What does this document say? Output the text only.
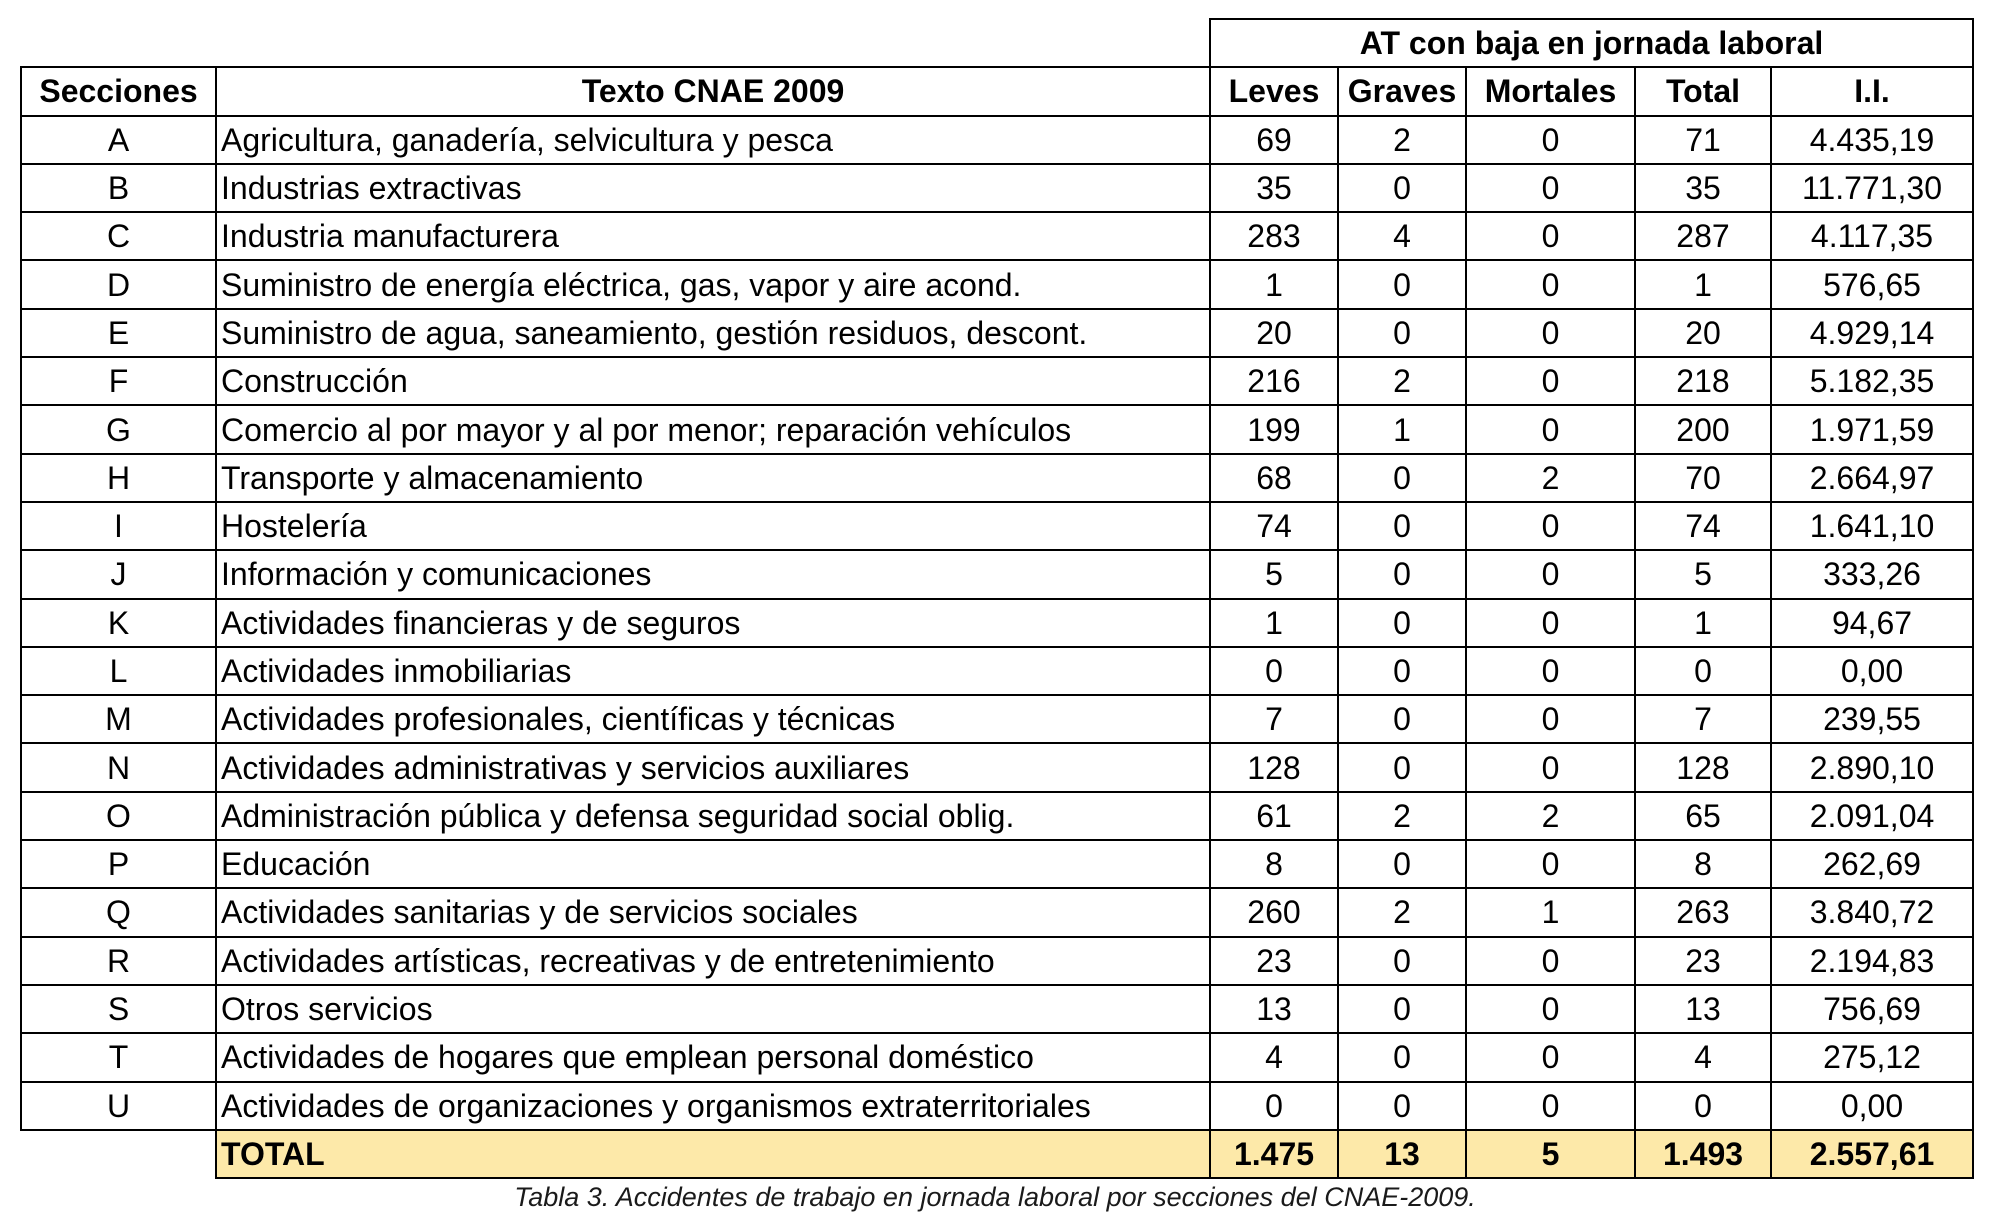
		AT con baja en jornada laboral				
Secciones	Texto CNAE 2009	Leves	Graves	Mortales	Total	I.I.
A	Agricultura, ganadería, selvicultura y pesca	69	2	0	71	4.435,19
B	Industrias extractivas	35	0	0	35	11.771,30
C	Industria manufacturera	283	4	0	287	4.117,35
D	Suministro de energía eléctrica, gas, vapor y aire acond.	1	0	0	1	576,65
E	Suministro de agua, saneamiento, gestión residuos, descont.	20	0	0	20	4.929,14
F	Construcción	216	2	0	218	5.182,35
G	Comercio al por mayor y al por menor; reparación vehículos	199	1	0	200	1.971,59
H	Transporte y almacenamiento	68	0	2	70	2.664,97
I	Hostelería	74	0	0	74	1.641,10
J	Información y comunicaciones	5	0	0	5	333,26
K	Actividades financieras y de seguros	1	0	0	1	94,67
L	Actividades inmobiliarias	0	0	0	0	0,00
M	Actividades profesionales, científicas y técnicas	7	0	0	7	239,55
N	Actividades administrativas y servicios auxiliares	128	0	0	128	2.890,10
O	Administración pública y defensa seguridad social oblig.	61	2	2	65	2.091,04
P	Educación	8	0	0	8	262,69
Q	Actividades sanitarias y de servicios sociales	260	2	1	263	3.840,72
R	Actividades artísticas, recreativas y de entretenimiento	23	0	0	23	2.194,83
S	Otros servicios	13	0	0	13	756,69
T	Actividades de hogares que emplean personal doméstico	4	0	0	4	275,12
U	Actividades de organizaciones y organismos extraterritoriales	0	0	0	0	0,00
	TOTAL	1.475	13	5	1.493	2.557,61
Tabla 3. Accidentes de trabajo en jornada laboral por secciones del CNAE-2009.
